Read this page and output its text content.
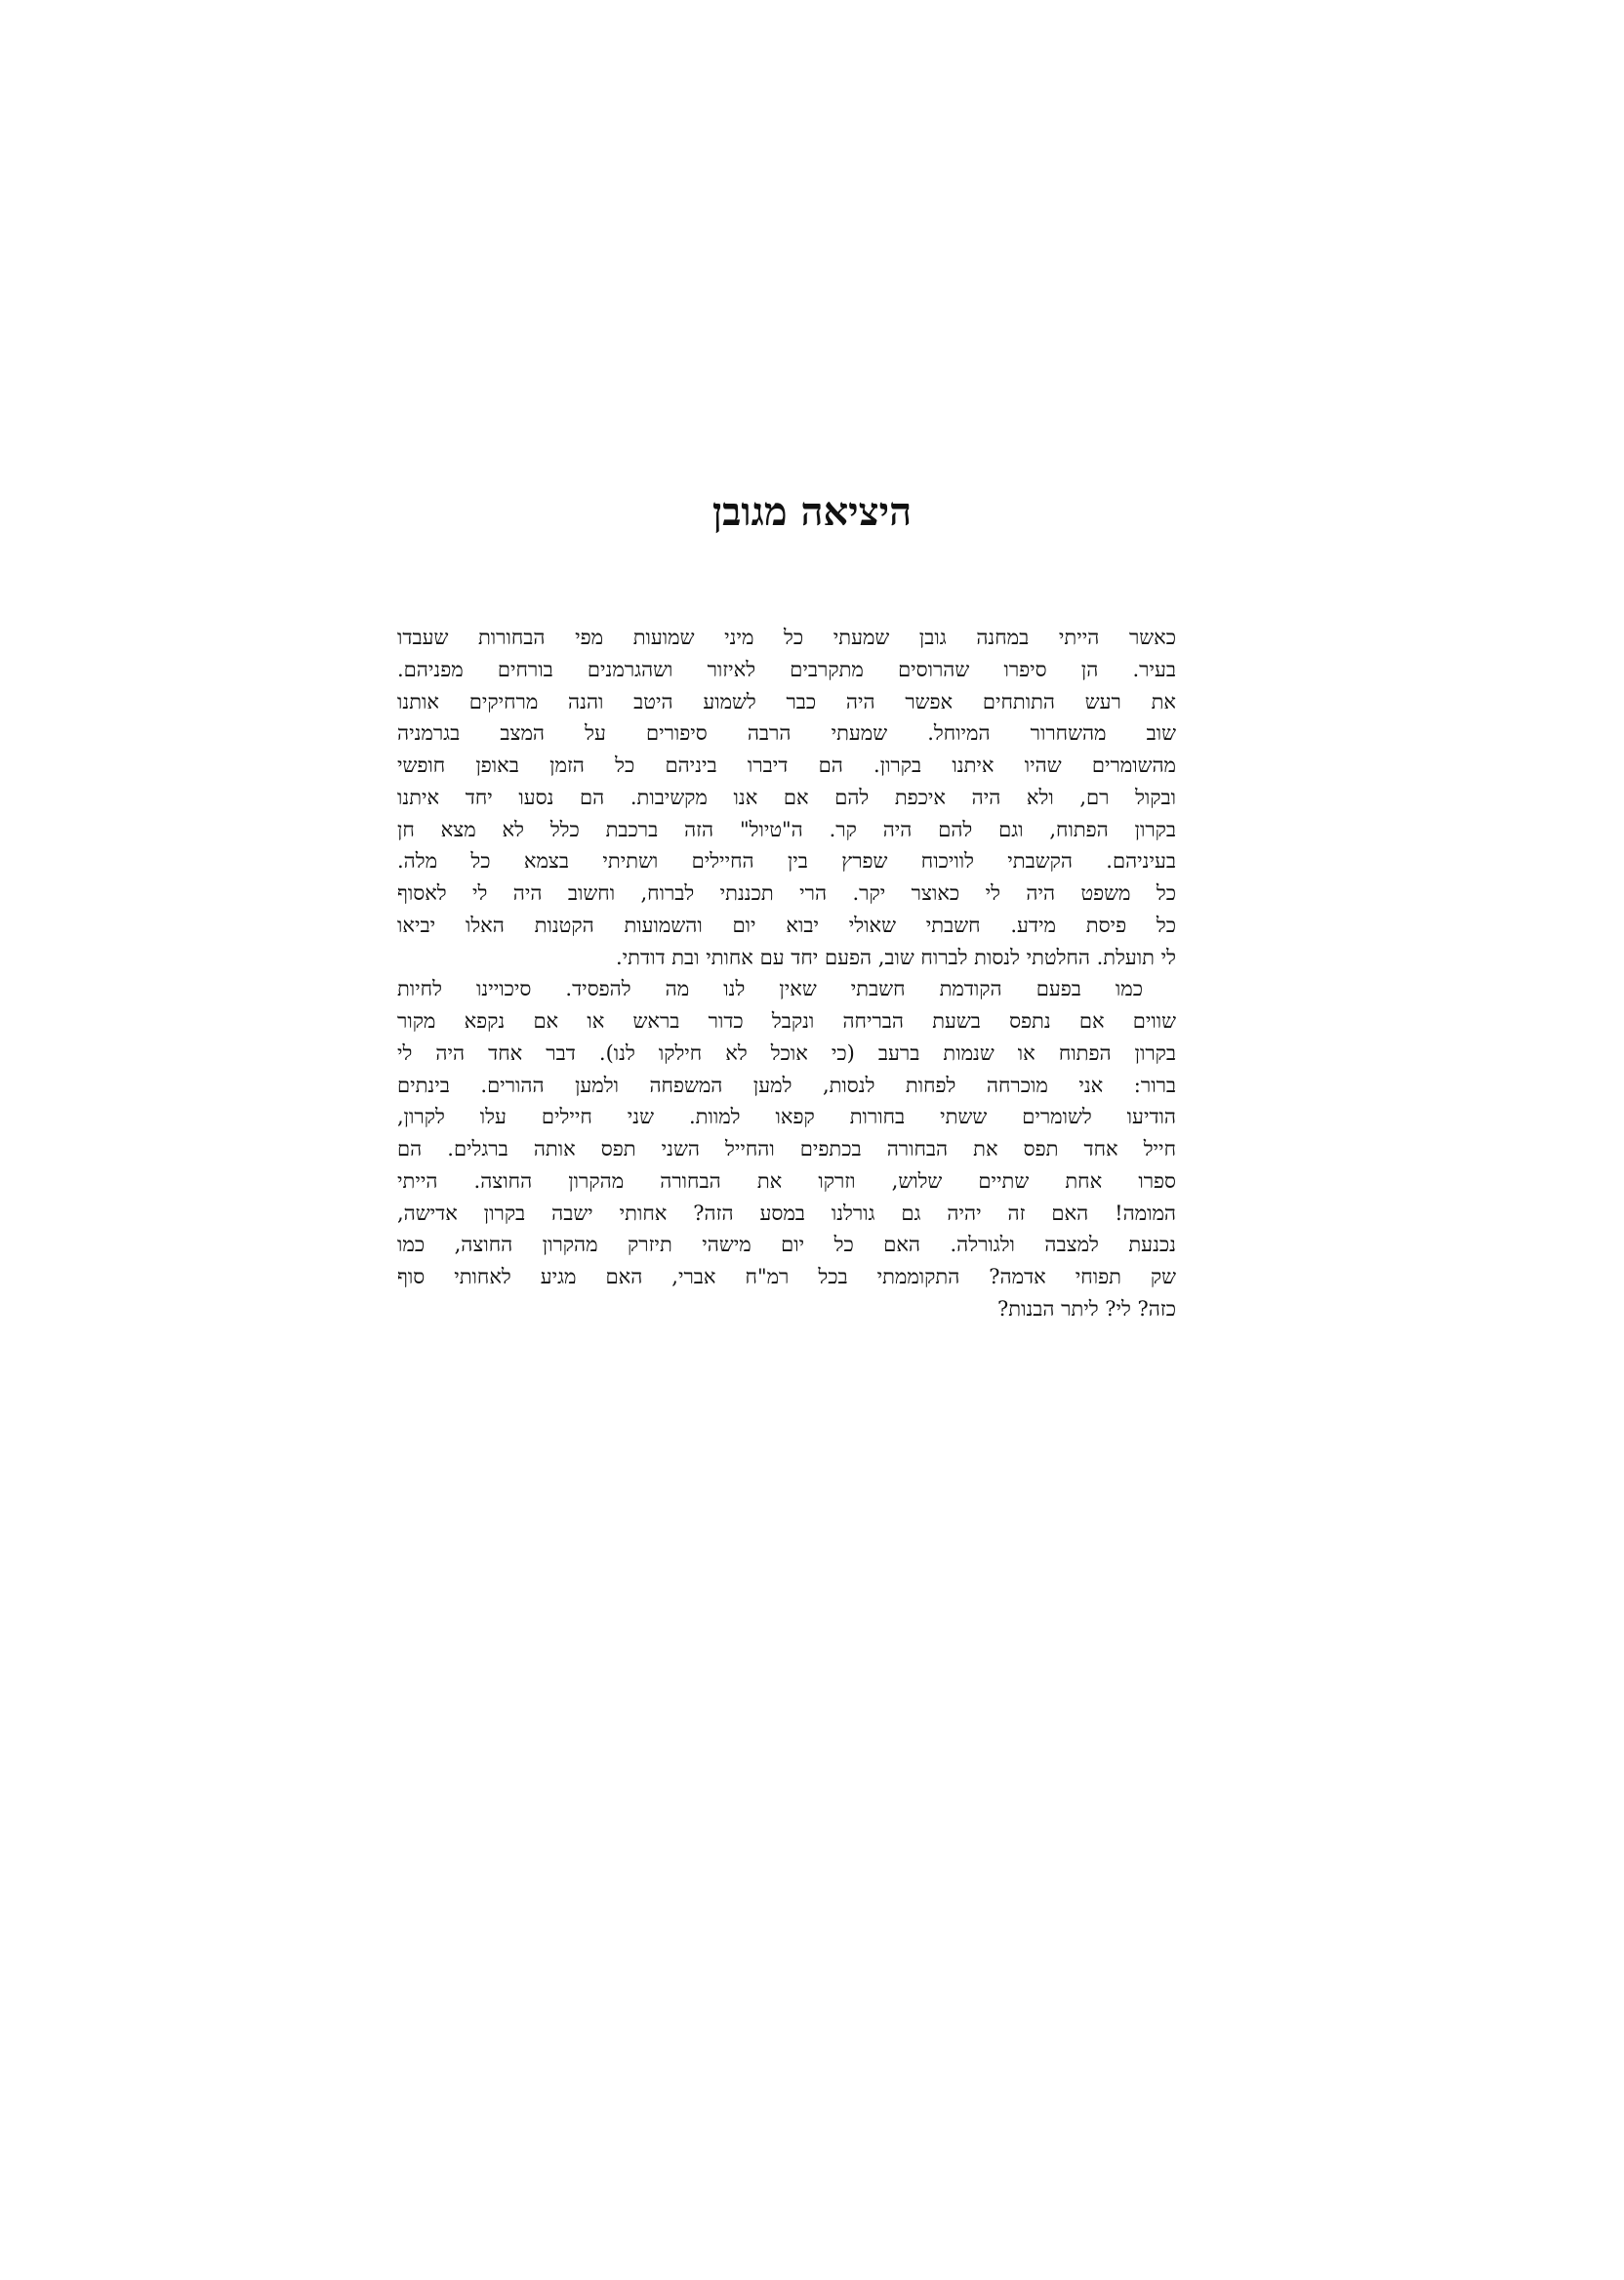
היציאה מגובן
כאשר הייתי במחנה גובן שמעתי כל מיני שמועות מפי הבחורות שעבדו
בעיר. הן סיפרו שהרוסים מתקרבים לאיזור ושהגרמנים בורחים מפניהם.
את רעש התותחים אפשר היה כבר לשמוע היטב והנה מרחיקים אותנו
שוב מהשחרור המיוחל. שמעתי הרבה סיפורים על המצב בגרמניה
מהשומרים שהיו איתנו בקרון. הם דיברו ביניהם כל הזמן באופן חופשי
ובקול רם, ולא היה איכפת להם אם אנו מקשיבות. הם נסעו יחד איתנו
בקרון הפתוח, וגם להם היה קר. ה"טיול" הזה ברכבת כלל לא מצא חן
בעיניהם. הקשבתי לוויכוח שפרץ בין החיילים ושתיתי בצמא כל מלה.
כל משפט היה לי כאוצר יקר. הרי תכננתי לברוח, וחשוב היה לי לאסוף
כל פיסת מידע. חשבתי שאולי יבוא יום והשמועות הקטנות האלו יביאו
לי תועלת. החלטתי לנסות לברוח שוב, הפעם יחד עם אחותי ובת דודתי.
כמו בפעם הקודמת חשבתי שאין לנו מה להפסיד. סיכויינו לחיות
שווים אם נתפס בשעת הבריחה ונקבל כדור בראש או אם נקפא מקור
בקרון הפתוח או שנמות ברעב (כי אוכל לא חילקו לנו). דבר אחד היה לי
ברור: אני מוכרחה לפחות לנסות, למען המשפחה ולמען ההורים. בינתים
הודיעו לשומרים ששתי בחורות קפאו למוות. שני חיילים עלו לקרון,
חייל אחד תפס את הבחורה בכתפים והחייל השני תפס אותה ברגלים. הם
ספרו אחת שתיים שלוש, וזרקו את הבחורה מהקרון החוצה. הייתי
המומה! האם זה יהיה גם גורלנו במסע הזה? אחותי ישבה בקרון אדישה,
נכנעת למצבה ולגורלה. האם כל יום מישהי תיזרק מהקרון החוצה, כמו
שק תפוחי אדמה? התקוממתי בכל רמ"ח אברי, האם מגיע לאחותי סוף
כזה? לי? ליתר הבנות?
